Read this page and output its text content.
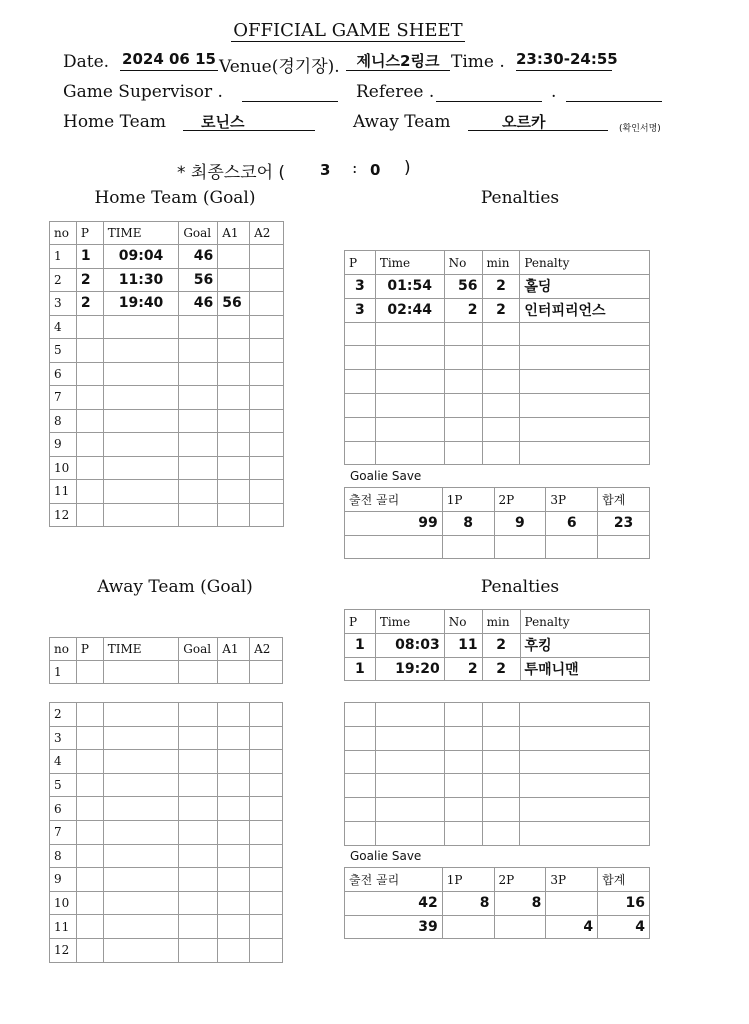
OFFICIAL GAME SHEET
Date. 2024 06 15 Venue(경기장).	제니스2링크 Time . 23:30-24:55
Game Supervisor .	Referee .	.
Home Team	로닌스	Away Team	오르카	(확인서명)
* 최종스코어 ( 3 : 0 )
Home Team (Goal)	Penalties
Away Team (Goal)	Penalties
no	P	TIME	Goal	A1	A2
1	1	09:04	46		
2	2	11:30	56		
3	2	19:40	46	56	
4					
5					
6					
7					
8					
9					
10					
11					
12					
P	Time	No	min	Penalty
3	01:54	56	2	홀딩
3	02:44	2	2	인터피리언스

Goalie Save
출전 골리	1P	2P	3P	합계
99	8	9	6	23

no	P	TIME	Goal	A1	A2
1					
2					
3					
4					
5					
6					
7					
8					
9					
10					
11					
12					
P	Time	No	min	Penalty
1	08:03	11	2	후킹
1	19:20	2	2	투매니맨

Goalie Save
출전 골리	1P	2P	3P	합계
42	8	8		16
39			4	4
